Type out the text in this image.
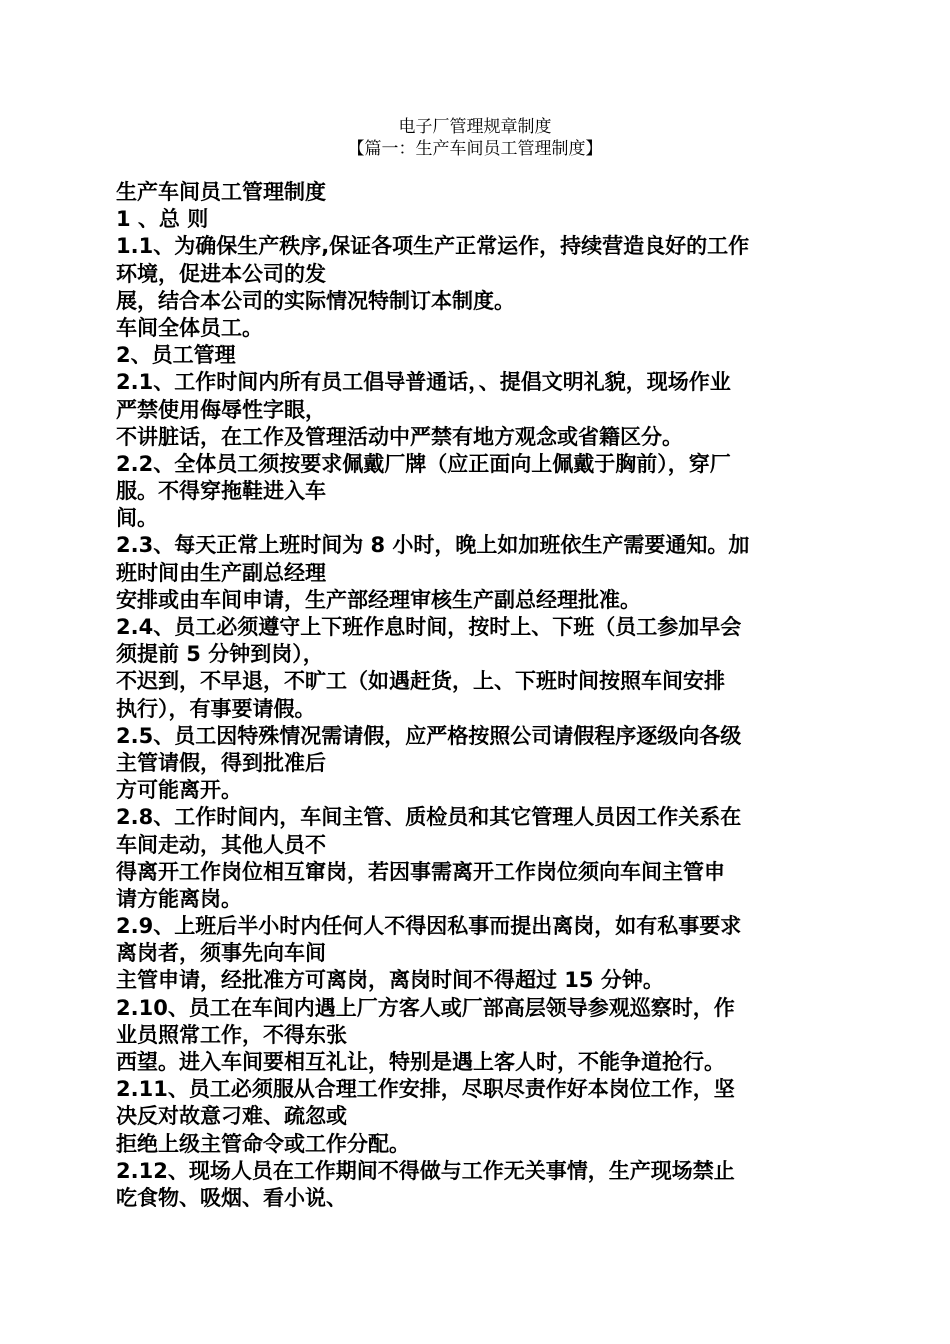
电子厂管理规章制度
【篇一：生产车间员工管理制度】
生产车间员工管理制度
1 、总 则
1.1、为确保生产秩序,保证各项生产正常运作，持续营造良好的工作
环境，促进本公司的发
展，结合本公司的实际情况特制订本制度。
车间全体员工。
2、员工管理
2.1、工作时间内所有员工倡导普通话，、提倡文明礼貌，现场作业
严禁使用侮辱性字眼，
不讲脏话，在工作及管理活动中严禁有地方观念或省籍区分。
2.2、全体员工须按要求佩戴厂牌（应正面向上佩戴于胸前），穿厂
服。不得穿拖鞋进入车
间。
2.3、每天正常上班时间为 8 小时，晚上如加班依生产需要通知。加
班时间由生产副总经理
安排或由车间申请，生产部经理审核生产副总经理批准。
2.4、员工必须遵守上下班作息时间，按时上、下班（员工参加早会
须提前 5 分钟到岗），
不迟到，不早退，不旷工（如遇赶货，上、下班时间按照车间安排
执行），有事要请假。
2.5、员工因特殊情况需请假，应严格按照公司请假程序逐级向各级
主管请假，得到批准后
方可能离开。
2.8、工作时间内，车间主管、质检员和其它管理人员因工作关系在
车间走动，其他人员不
得离开工作岗位相互窜岗，若因事需离开工作岗位须向车间主管申
请方能离岗。
2.9、上班后半小时内任何人不得因私事而提出离岗，如有私事要求
离岗者，须事先向车间
主管申请，经批准方可离岗，离岗时间不得超过 15 分钟。
2.10、员工在车间内遇上厂方客人或厂部高层领导参观巡察时，作
业员照常工作，不得东张
西望。进入车间要相互礼让，特别是遇上客人时，不能争道抢行。
2.11、员工必须服从合理工作安排，尽职尽责作好本岗位工作，坚
决反对故意刁难、疏忽或
拒绝上级主管命令或工作分配。
2.12、现场人员在工作期间不得做与工作无关事情，生产现场禁止
吃食物、吸烟、看小说、
